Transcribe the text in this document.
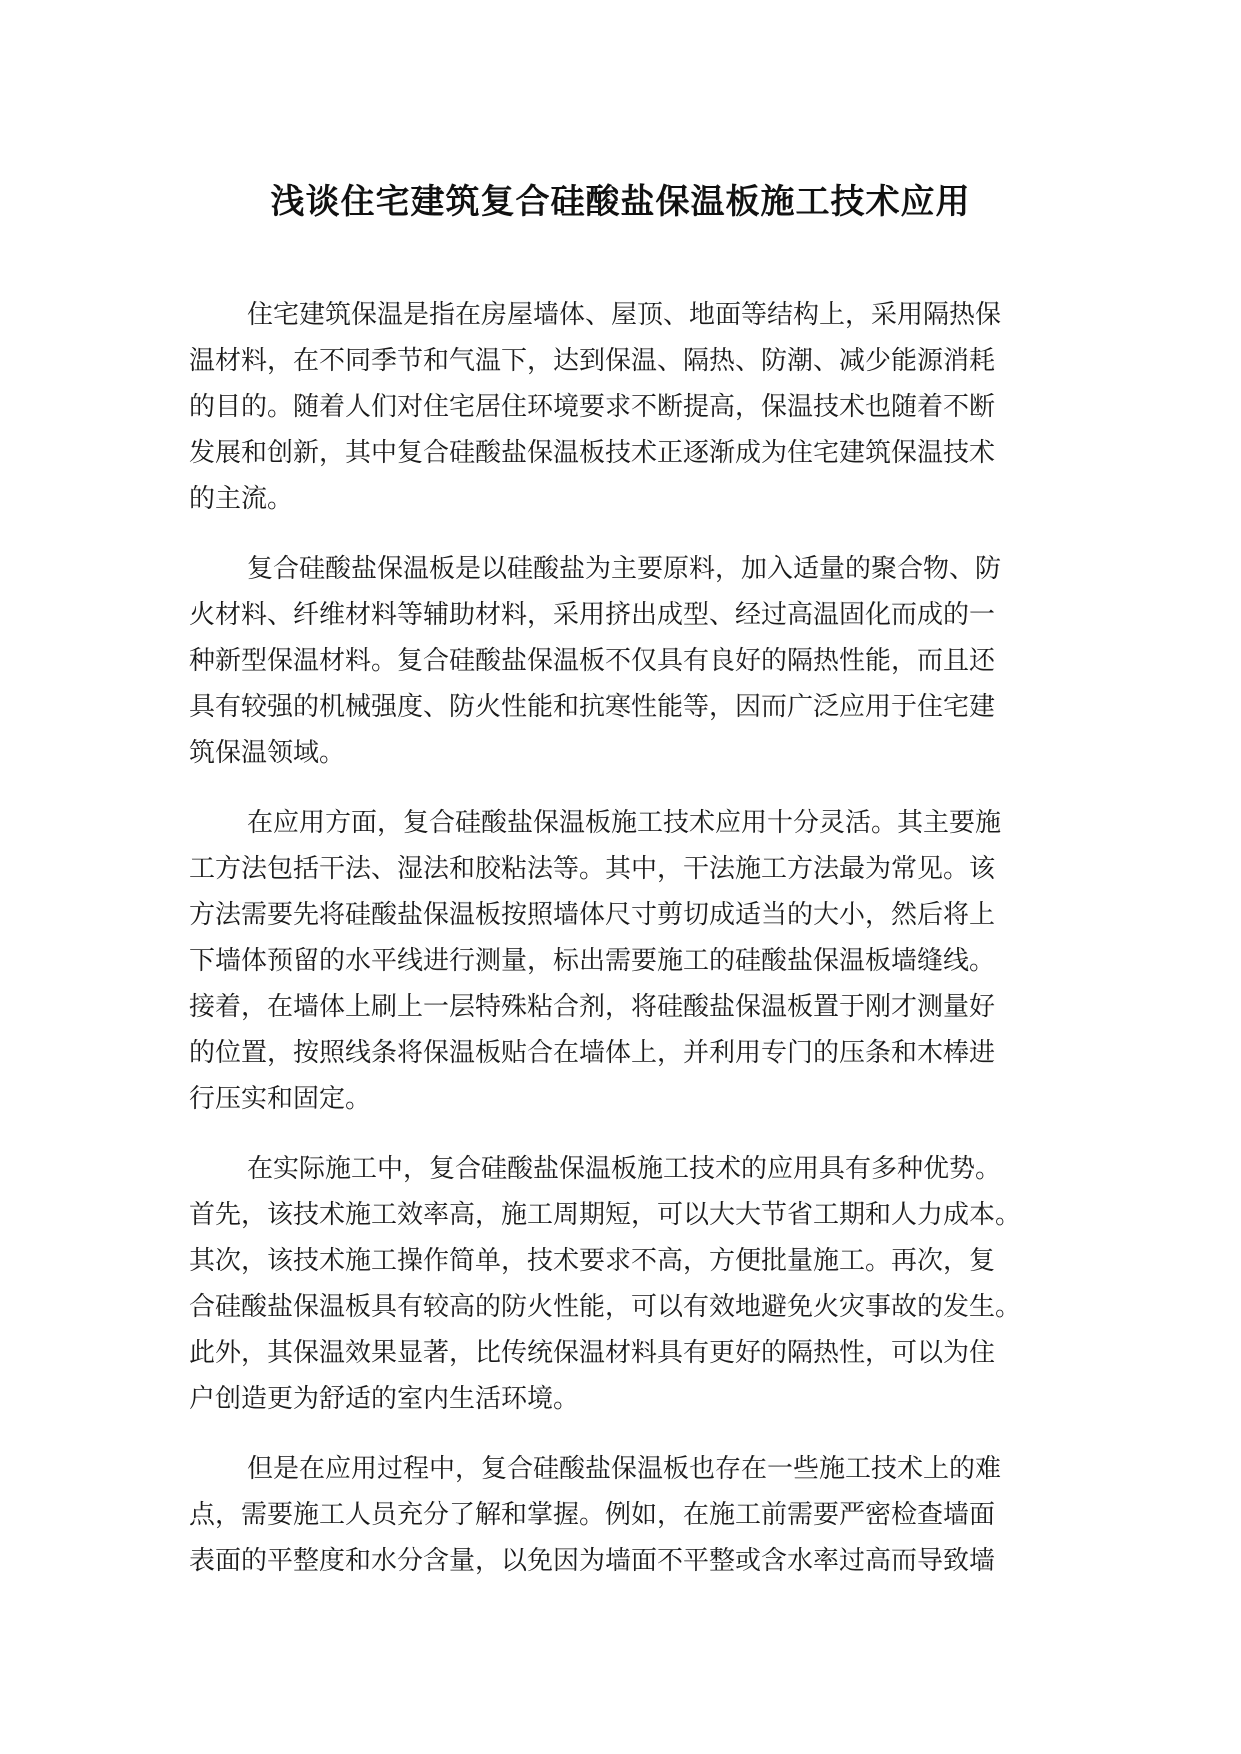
浅谈住宅建筑复合硅酸盐保温板施工技术应用

住宅建筑保温是指在房屋墙体、屋顶、地面等结构上，采用隔热保
温材料，在不同季节和气温下，达到保温、隔热、防潮、减少能源消耗
的目的。随着人们对住宅居住环境要求不断提高，保温技术也随着不断
发展和创新，其中复合硅酸盐保温板技术正逐渐成为住宅建筑保温技术
的主流。

复合硅酸盐保温板是以硅酸盐为主要原料，加入适量的聚合物、防
火材料、纤维材料等辅助材料，采用挤出成型、经过高温固化而成的一
种新型保温材料。复合硅酸盐保温板不仅具有良好的隔热性能，而且还
具有较强的机械强度、防火性能和抗寒性能等，因而广泛应用于住宅建
筑保温领域。

在应用方面，复合硅酸盐保温板施工技术应用十分灵活。其主要施
工方法包括干法、湿法和胶粘法等。其中，干法施工方法最为常见。该
方法需要先将硅酸盐保温板按照墙体尺寸剪切成适当的大小，然后将上
下墙体预留的水平线进行测量，标出需要施工的硅酸盐保温板墙缝线。
接着，在墙体上刷上一层特殊粘合剂，将硅酸盐保温板置于刚才测量好
的位置，按照线条将保温板贴合在墙体上，并利用专门的压条和木棒进
行压实和固定。

在实际施工中，复合硅酸盐保温板施工技术的应用具有多种优势。
首先，该技术施工效率高，施工周期短，可以大大节省工期和人力成本。
其次，该技术施工操作简单，技术要求不高，方便批量施工。再次，复
合硅酸盐保温板具有较高的防火性能，可以有效地避免火灾事故的发生。
此外，其保温效果显著，比传统保温材料具有更好的隔热性，可以为住
户创造更为舒适的室内生活环境。

但是在应用过程中，复合硅酸盐保温板也存在一些施工技术上的难
点，需要施工人员充分了解和掌握。例如，在施工前需要严密检查墙面
表面的平整度和水分含量，以免因为墙面不平整或含水率过高而导致墙
